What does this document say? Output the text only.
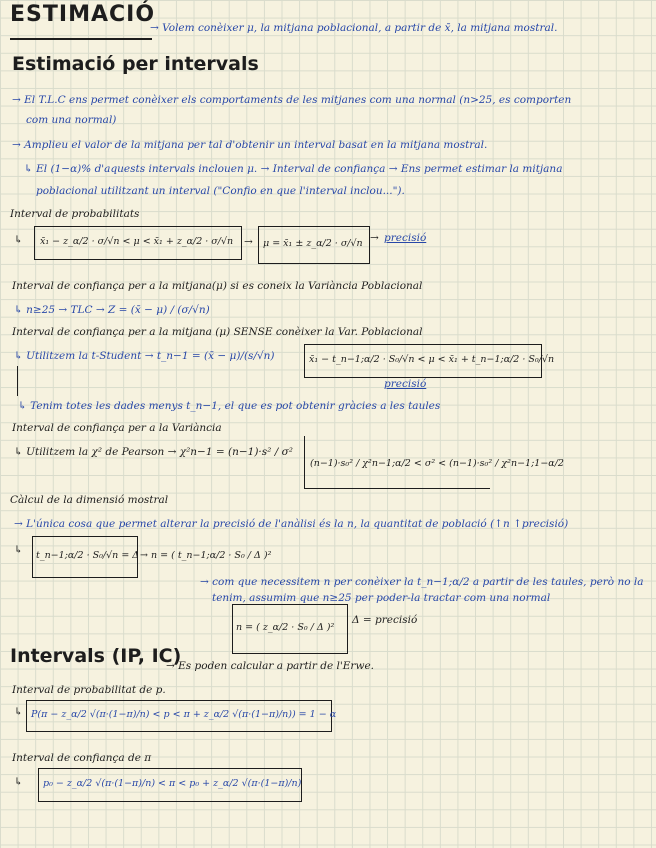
ESTIMACIÓ
→ Volem conèixer μ, la mitjana poblacional, a partir de x̄, la mitjana mostral.
Estimació per intervals
→ El T.L.C ens permet conèixer els comportaments de les mitjanes com una normal (n>25, es comporten
com una normal)
→ Amplieu el valor de la mitjana per tal d'obtenir un interval basat en la mitjana mostral.
↳ El (1−α)% d'aquests intervals inclouen μ. → Interval de confiança → Ens permet estimar la mitjana
poblacional utilitzant un interval ("Confio en que l'interval inclou...").
Interval de probabilitats
↳ x̄₁ − z_α/2 · σ/√n < μ < x̄₁ + z_α/2 · σ/√n → μ = x̄₁ ± z_α/2 · σ/√n precisió
→
Interval de confiança per a la mitjana(μ) si es coneix la Variància Poblacional
↳ n≥25 → TLC → Z = (x̄ − μ) / (σ/√n)
Interval de confiança per a la mitjana (μ) SENSE conèixer la Var. Poblacional
↳ Utilitzem la t-Student → t_n−1 = (x̄ − μ)/(s/√n)	x̄₁ − t_n−1;α/2 · S₀/√n < μ < x̄₁ + t_n−1;α/2 · S₀/√n
precisió
↳ Tenim totes les dades menys t_n−1, el que es pot obtenir gràcies a les taules
Interval de confiança per a la Variància
↳ Utilitzem la χ² de Pearson → χ²n−1 = (n−1)·s² / σ²
(n−1)·s₀² / χ²n−1;α/2 < σ² < (n−1)·s₀² / χ²n−1;1−α/2
Càlcul de la dimensió mostral
→ L'única cosa que permet alterar la precisió de l'anàlisi és la n, la quantitat de població (↑n ↑precisió)
↳ t_n−1;α/2 · S₀/√n = Δ → n = ( t_n−1;α/2 · S₀ / Δ )²
→ com que necessitem n per conèixer la t_n−1;α/2 a partir de les taules, però no la
tenim, assumim que n≥25 per poder-la tractar com una normal
n = ( z_α/2 · S₀ / Δ )²
Δ = precisió
Intervals (IP, IC)
→ Es poden calcular a partir de l'Erwe.
Interval de probabilitat de p.
↳ P(π − z_α/2 √(π·(1−π)/n) < p < π + z_α/2 √(π·(1−π)/n)) = 1 − α
Interval de confiança de π
↳ p₀ − z_α/2 √(π·(1−π)/n) < π < p₀ + z_α/2 √(π·(1−π)/n)
